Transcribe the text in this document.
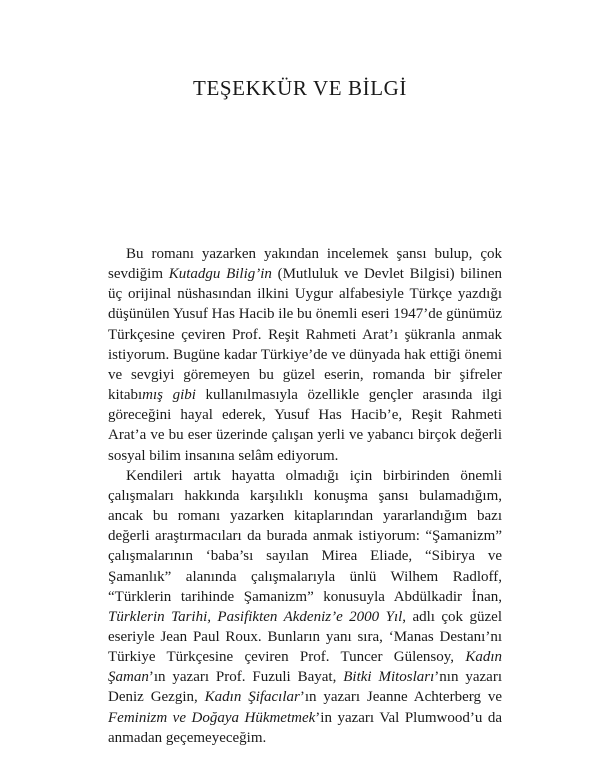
TEŞEKKÜR VE BİLGİ

Bu romanı yazarken yakından incelemek şansı bulup, çok sevdiğim Kutadgu Bilig’in (Mutluluk ve Devlet Bilgisi) bilinen üç orijinal nüshasından ilkini Uygur alfabesiyle Türkçe yazdığı düşünülen Yusuf Has Hacib ile bu önemli eseri 1947’de günümüz Türkçesine çeviren Prof. Reşit Rahmeti Arat’ı şükranla anmak istiyorum. Bugüne kadar Türkiye’de ve dünyada hak ettiği önemi ve sevgiyi göremeyen bu güzel eserin, romanda bir şifreler kitabımış gibi kullanılmasıyla özellikle gençler arasında ilgi göreceğini hayal ederek, Yusuf Has Hacib’e, Reşit Rahmeti Arat’a ve bu eser üzerinde çalışan yerli ve yabancı birçok değerli sosyal bilim insanına selâm ediyorum.

Kendileri artık hayatta olmadığı için birbirinden önemli çalışmaları hakkında karşılıklı konuşma şansı bulamadığım, ancak bu romanı yazarken kitaplarından yararlandığım bazı değerli araştırmacıları da burada anmak istiyorum: “Şamanizm” çalışmalarının ‘baba’sı sayılan Mirea Eliade, “Sibirya ve Şamanlık” alanında çalışmalarıyla ünlü Wilhem Radloff, “Türklerin tarihinde Şamanizm” konusuyla Abdülkadir İnan, Türklerin Tarihi, Pasifikten Akdeniz’e 2000 Yıl, adlı çok güzel eseriyle Jean Paul Roux. Bunların yanı sıra, ‘Manas Destanı’nı Türkiye Türkçesine çeviren Prof. Tuncer Gülensoy, Kadın Şaman’ın yazarı Prof. Fuzuli Bayat, Bitki Mitosları’nın yazarı Deniz Gezgin, Kadın Şifacılar’ın yazarı Jeanne Achterberg ve Feminizm ve Doğaya Hükmetmek’in yazarı Val Plumwood’u da anmadan geçemeyeceğim.
